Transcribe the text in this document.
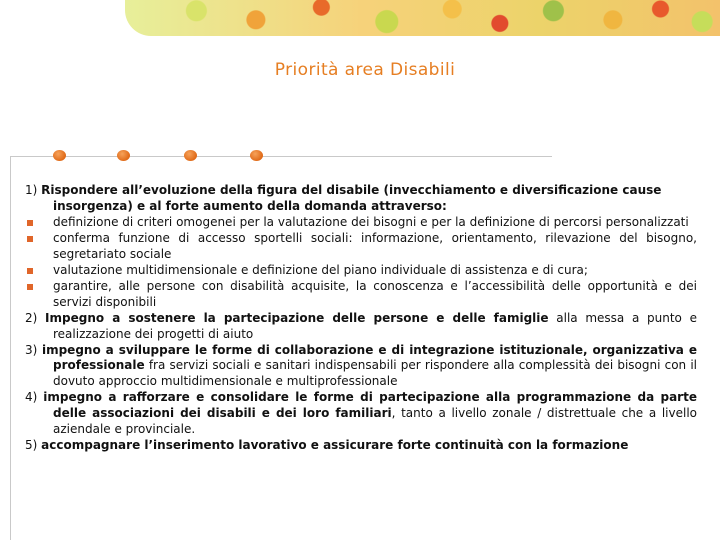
Priorità area Disabili
1) Rispondere all’evoluzione della figura del disabile (invecchiamento e diversificazione cause insorgenza) e al forte aumento della domanda attraverso:
definizione di criteri omogenei per la valutazione dei bisogni e per la definizione di percorsi personalizzati
conferma funzione di accesso sportelli sociali: informazione, orientamento, rilevazione del bisogno, segretariato sociale
valutazione multidimensionale e definizione del piano individuale di assistenza e di cura;
garantire, alle persone con disabilità acquisite, la conoscenza e l’accessibilità delle opportunità e dei servizi disponibili
2) Impegno a sostenere la partecipazione delle persone e delle famiglie alla messa a punto e realizzazione dei progetti di aiuto
3) impegno a sviluppare le forme di collaborazione e di integrazione istituzionale, organizzativa e professionale fra servizi sociali e sanitari indispensabili per rispondere alla complessità dei bisogni con il dovuto approccio multidimensionale e multiprofessionale
4) impegno a rafforzare e consolidare le forme di partecipazione alla programmazione da parte delle associazioni dei disabili e dei loro familiari, tanto a livello zonale / distrettuale che a livello aziendale e provinciale.
5) accompagnare l’inserimento lavorativo e assicurare forte continuità con la formazione
